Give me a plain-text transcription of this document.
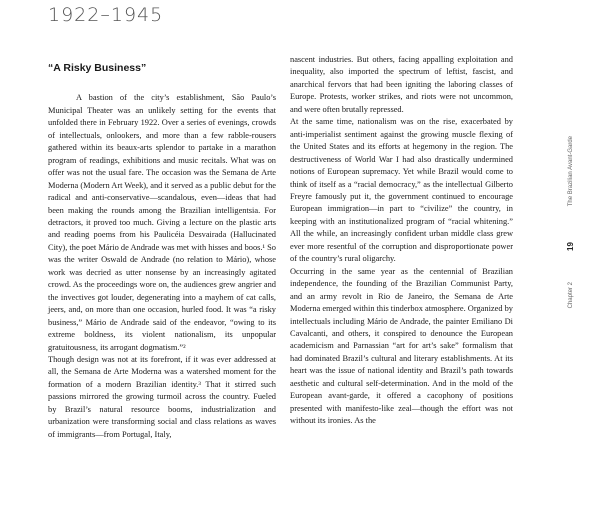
1922–1945
“A Risky Business”

A bastion of the city’s establishment, São Paulo’s Municipal Theater was an unlikely setting for the events that unfolded there in February 1922. Over a series of evenings, crowds of intellectuals, onlookers, and more than a few rabble-rousers gathered within its beaux-arts splendor to partake in a marathon program of readings, exhibitions and music recitals. What was on offer was not the usual fare. The occasion was the Semana de Arte Moderna (Modern Art Week), and it served as a public debut for the radical and anti-conservative—scandalous, even—ideas that had been making the rounds among the Brazilian intelligentsia. For detractors, it proved too much. Giving a lecture on the plastic arts and reading poems from his Paulicéia Desvairada (Hallucinated City), the poet Mário de Andrade was met with hisses and boos.¹ So was the writer Oswald de Andrade (no relation to Mário), whose work was decried as utter nonsense by an increasingly agitated crowd. As the proceedings wore on, the audiences grew angrier and the invectives got louder, degenerating into a mayhem of cat calls, jeers, and, on more than one occasion, hurled food. It was “a risky business,” Mário de Andrade said of the endeavor, “owing to its extreme boldness, its violent nationalism, its unpopular gratuitousness, its arrogant dogmatism.”²

Though design was not at its forefront, if it was ever addressed at all, the Semana de Arte Moderna was a watershed moment for the formation of a modern Brazilian identity.³ That it stirred such passions mirrored the growing turmoil across the country. Fueled by Brazil’s natural resource booms, industrialization and urbanization were transforming social and class relations as waves of immigrants—from Portugal, Italy,

nascent industries. But others, facing appalling exploitation and inequality, also imported the spectrum of leftist, fascist, and anarchical fervors that had been igniting the laboring classes of Europe. Protests, worker strikes, and riots were not uncommon, and were often brutally repressed.

At the same time, nationalism was on the rise, exacerbated by anti-imperialist sentiment against the growing muscle flexing of the United States and its efforts at hegemony in the region. The destructiveness of World War I had also drastically undermined notions of European supremacy. Yet while Brazil would come to think of itself as a “racial democracy,” as the intellectual Gilberto Freyre famously put it, the government continued to encourage European immigration—in part to “civilize” the country, in keeping with an institutionalized program of “racial whitening.” All the while, an increasingly confident urban middle class grew ever more resentful of the corruption and disproportionate power of the country’s rural oligarchy.

Occurring in the same year as the centennial of Brazilian independence, the founding of the Brazilian Communist Party, and an army revolt in Rio de Janeiro, the Semana de Arte Moderna emerged within this tinderbox atmosphere. Organized by intellectuals including Mário de Andrade, the painter Emiliano Di Cavalcanti, and others, it conspired to denounce the European academicism and Parnassian “art for art’s sake” formalism that had dominated Brazil’s cultural and literary establishments. At its heart was the issue of national identity and Brazil’s path towards aesthetic and cultural self-determination. And in the mold of the European avant-garde, it offered a cacophony of positions presented with manifesto-like zeal—though the effort was not without its ironies. As the

The Brazilian Avant-Garde
19
Chapter 2
